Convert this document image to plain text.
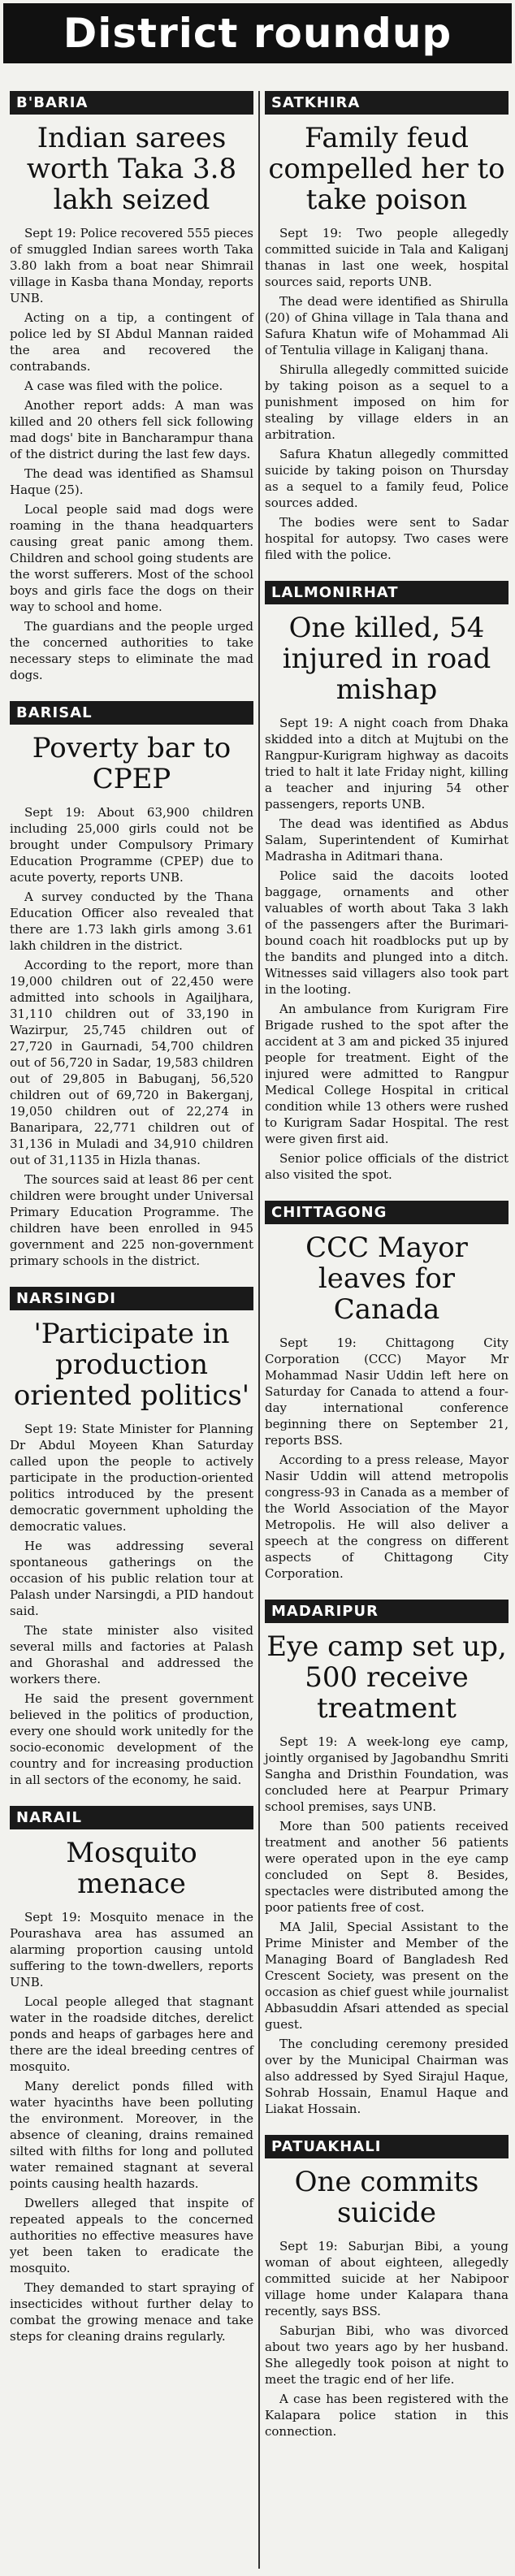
District roundup
B'BARIA
Indian sarees worth Taka 3.8 lakh seized

Sept 19: Police recovered 555 pieces of smuggled Indian sarees worth Taka 3.80 lakh from a boat near Shimrail village in Kasba thana Monday, reports UNB.

Acting on a tip, a contingent of police led by SI Abdul Mannan raided the area and recovered the contrabands.

A case was filed with the police.

Another report adds: A man was killed and 20 others fell sick following mad dogs' bite in Bancharampur thana of the district during the last few days.

The dead was identified as Shamsul Haque (25).

Local people said mad dogs were roaming in the thana headquarters causing great panic among them. Children and school going students are the worst sufferers. Most of the school boys and girls face the dogs on their way to school and home.

The guardians and the people urged the concerned authorities to take necessary steps to eliminate the mad dogs.

BARISAL
Poverty bar to CPEP

Sept 19: About 63,900 children including 25,000 girls could not be brought under Compulsory Primary Education Programme (CPEP) due to acute poverty, reports UNB.

A survey conducted by the Thana Education Officer also revealed that there are 1.73 lakh girls among 3.61 lakh children in the district.

According to the report, more than 19,000 children out of 22,450 were admitted into schools in Agailjhara, 31,110 children out of 33,190 in Wazirpur, 25,745 children out of 27,720 in Gaurnadi, 54,700 children out of 56,720 in Sadar, 19,583 children out of 29,805 in Babuganj, 56,520 children out of 69,720 in Bakerganj, 19,050 children out of 22,274 in Banaripara, 22,771 children out of 31,136 in Muladi and 34,910 children out of 31,1135 in Hizla thanas.

The sources said at least 86 per cent children were brought under Universal Primary Education Programme. The children have been enrolled in 945 government and 225 non-government primary schools in the district.

NARSINGDI
'Participate in production oriented politics'

Sept 19: State Minister for Planning Dr Abdul Moyeen Khan Saturday called upon the people to actively participate in the production-oriented politics introduced by the present democratic government upholding the democratic values.

He was addressing several spontaneous gatherings on the occasion of his public relation tour at Palash under Narsingdi, a PID handout said.

The state minister also visited several mills and factories at Palash and Ghorashal and addressed the workers there.

He said the present government believed in the politics of production, every one should work unitedly for the socio-economic development of the country and for increasing production in all sectors of the economy, he said.

NARAIL
Mosquito menace

Sept 19: Mosquito menace in the Pourashava area has assumed an alarming proportion causing untold suffering to the town-dwellers, reports UNB.

Local people alleged that stagnant water in the roadside ditches, derelict ponds and heaps of garbages here and there are the ideal breeding centres of mosquito.

Many derelict ponds filled with water hyacinths have been polluting the environment. Moreover, in the absence of cleaning, drains remained silted with filths for long and polluted water remained stagnant at several points causing health hazards.

Dwellers alleged that inspite of repeated appeals to the concerned authorities no effective measures have yet been taken to eradicate the mosquito.

They demanded to start spraying of insecticides without further delay to combat the growing menace and take steps for cleaning drains regularly.

SATKHIRA
Family feud compelled her to take poison

Sept 19: Two people allegedly committed suicide in Tala and Kaliganj thanas in last one week, hospital sources said, reports UNB.

The dead were identified as Shirulla (20) of Ghina village in Tala thana and Safura Khatun wife of Mohammad Ali of Tentulia village in Kaliganj thana.

Shirulla allegedly committed suicide by taking poison as a sequel to a punishment imposed on him for stealing by village elders in an arbitration.

Safura Khatun allegedly committed suicide by taking poison on Thursday as a sequel to a family feud, Police sources added.

The bodies were sent to Sadar hospital for autopsy. Two cases were filed with the police.

LALMONIRHAT
One killed, 54 injured in road mishap

Sept 19: A night coach from Dhaka skidded into a ditch at Mujtubi on the Rangpur-Kurigram highway as dacoits tried to halt it late Friday night, killing a teacher and injuring 54 other passengers, reports UNB.

The dead was identified as Abdus Salam, Superintendent of Kumirhat Madrasha in Aditmari thana.

Police said the dacoits looted baggage, ornaments and other valuables of worth about Taka 3 lakh of the passengers after the Burimari-bound coach hit roadblocks put up by the bandits and plunged into a ditch. Witnesses said villagers also took part in the looting.

An ambulance from Kurigram Fire Brigade rushed to the spot after the accident at 3 am and picked 35 injured people for treatment. Eight of the injured were admitted to Rangpur Medical College Hospital in critical condition while 13 others were rushed to Kurigram Sadar Hospital. The rest were given first aid.

Senior police officials of the district also visited the spot.

CHITTAGONG
CCC Mayor leaves for Canada

Sept 19: Chittagong City Corporation (CCC) Mayor Mr Mohammad Nasir Uddin left here on Saturday for Canada to attend a four-day international conference beginning there on September 21, reports BSS.

According to a press release, Mayor Nasir Uddin will attend metropolis congress-93 in Canada as a member of the World Association of the Mayor Metropolis. He will also deliver a speech at the congress on different aspects of Chittagong City Corporation.

MADARIPUR
Eye camp set up, 500 receive treatment

Sept 19: A week-long eye camp, jointly organised by Jagobandhu Smriti Sangha and Dristhin Foundation, was concluded here at Pearpur Primary school premises, says UNB.

More than 500 patients received treatment and another 56 patients were operated upon in the eye camp concluded on Sept 8. Besides, spectacles were distributed among the poor patients free of cost.

MA Jalil, Special Assistant to the Prime Minister and Member of the Managing Board of Bangladesh Red Crescent Society, was present on the occasion as chief guest while journalist Abbasuddin Afsari attended as special guest.

The concluding ceremony presided over by the Municipal Chairman was also addressed by Syed Sirajul Haque, Sohrab Hossain, Enamul Haque and Liakat Hossain.

PATUAKHALI
One commits suicide

Sept 19: Saburjan Bibi, a young woman of about eighteen, allegedly committed suicide at her Nabipoor village home under Kalapara thana recently, says BSS.

Saburjan Bibi, who was divorced about two years ago by her husband. She allegedly took poison at night to meet the tragic end of her life.

A case has been registered with the Kalapara police station in this connection.
